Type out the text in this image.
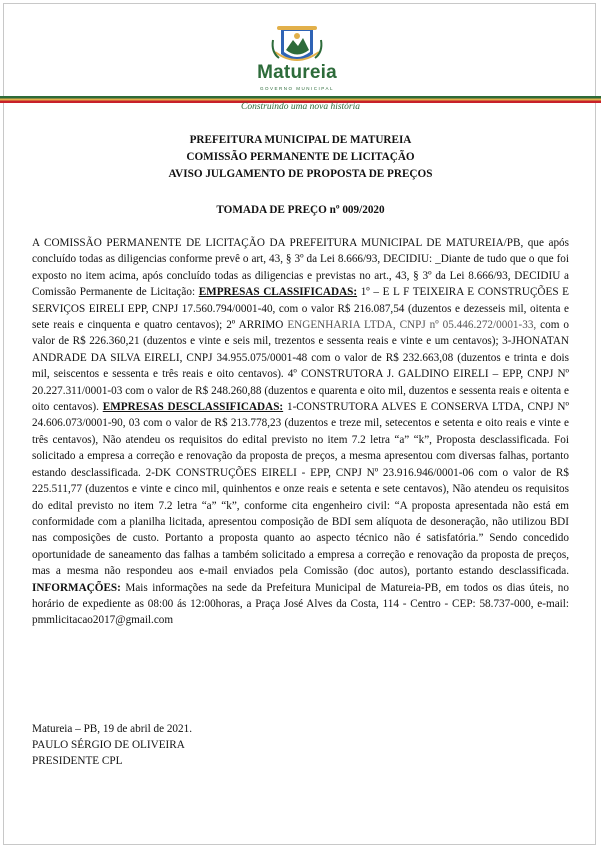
Matureia
GOVERNO MUNICIPAL
Construindo uma nova história
PREFEITURA MUNICIPAL DE MATUREIA
COMISSÃO PERMANENTE DE LICITAÇÃO
AVISO JULGAMENTO DE PROPOSTA DE PREÇOS
TOMADA DE PREÇO nº 009/2020
A COMISSÃO PERMANENTE DE LICITAÇÃO DA PREFEITURA MUNICIPAL DE MATUREIA/PB, que após concluído todas as diligencias conforme prevê o art, 43, § 3º da Lei 8.666/93, DECIDIU: _Diante de tudo que o que foi exposto no item acima, após concluído todas as diligencias e previstas no art., 43, § 3º da Lei 8.666/93, DECIDIU a Comissão Permanente de Licitação: EMPRESAS CLASSIFICADAS: 1º – E L F TEIXEIRA E CONSTRUÇÕES E SERVIÇOS EIRELI EPP, CNPJ 17.560.794/0001-40, com o valor R$ 216.087,54 (duzentos e dezesseis mil, oitenta e sete reais e cinquenta e quatro centavos); 2º ARRIMO ENGENHARIA LTDA, CNPJ nº 05.446.272/0001-33, com o valor de R$ 226.360,21 (duzentos e vinte e seis mil, trezentos e sessenta reais e vinte e um centavos); 3-JHONATAN ANDRADE DA SILVA EIRELI, CNPJ 34.955.075/0001-48 com o valor de R$ 232.663,08 (duzentos e trinta e dois mil, seiscentos e sessenta e três reais e oito centavos). 4º CONSTRUTORA J. GALDINO EIRELI – EPP, CNPJ Nº 20.227.311/0001-03 com o valor de R$ 248.260,88 (duzentos e quarenta e oito mil, duzentos e sessenta reais e oitenta e oito centavos). EMPRESAS DESCLASSIFICADAS: 1-CONSTRUTORA ALVES E CONSERVA LTDA, CNPJ Nº 24.606.073/0001-90, 03 com o valor de R$ 213.778,23 (duzentos e treze mil, setecentos e setenta e oito reais e vinte e três centavos), Não atendeu os requisitos do edital previsto no item 7.2 letra “a” “k”, Proposta desclassificada. Foi solicitado a empresa a correção e renovação da proposta de preços, a mesma apresentou com diversas falhas, portanto estando desclassificada. 2-DK CONSTRUÇÕES EIRELI - EPP, CNPJ Nº 23.916.946/0001-06 com o valor de R$ 225.511,77 (duzentos e vinte e cinco mil, quinhentos e onze reais e setenta e sete centavos), Não atendeu os requisitos do edital previsto no item 7.2 letra “a” “k”, conforme cita engenheiro civil: “A proposta apresentada não está em conformidade com a planilha licitada, apresentou composição de BDI sem alíquota de desoneração, não utilizou BDI nas composições de custo. Portanto a proposta quanto ao aspecto técnico não é satisfatória.” Sendo concedido oportunidade de saneamento das falhas a também solicitado a empresa a correção e renovação da proposta de preços, mas a mesma não respondeu aos e-mail enviados pela Comissão (doc autos), portanto estando desclassificada. INFORMAÇÕES: Mais informações na sede da Prefeitura Municipal de Matureia-PB, em todos os dias úteis, no horário de expediente as 08:00 ás 12:00horas, a Praça José Alves da Costa, 114 - Centro - CEP: 58.737-000, e-mail: pmmlicitacao2017@gmail.com
Matureia – PB, 19 de abril de 2021.
PAULO SÉRGIO DE OLIVEIRA
PRESIDENTE CPL
